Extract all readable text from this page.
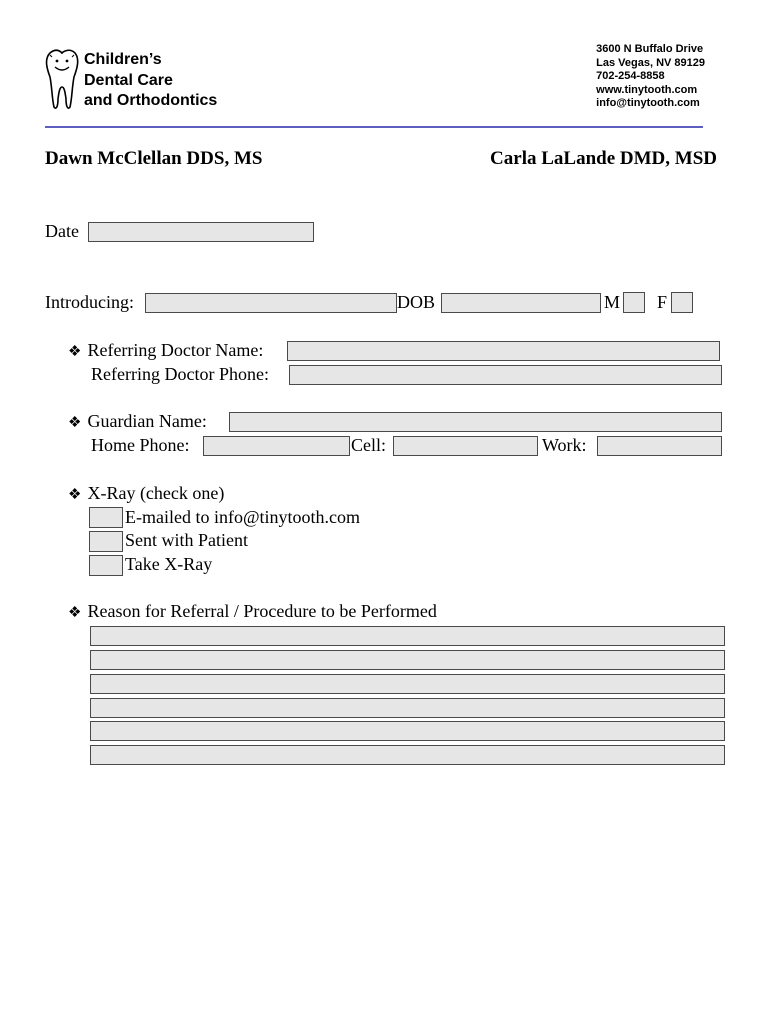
Children’s
Dental Care
and Orthodontics
3600 N Buffalo Drive
Las Vegas, NV 89129
702-254-8858
www.tinytooth.com
info@tinytooth.com
Dawn McClellan DDS, MS	Carla LaLande DMD, MSD
Date
Introducing:	DOB	M F
❖ Referring Doctor Name:
Referring Doctor Phone:
❖ Guardian Name:
Home Phone:	Cell:	Work:
❖ X-Ray (check one)
E-mailed to info@tinytooth.com
Sent with Patient
Take X-Ray
❖ Reason for Referral / Procedure to be Performed
